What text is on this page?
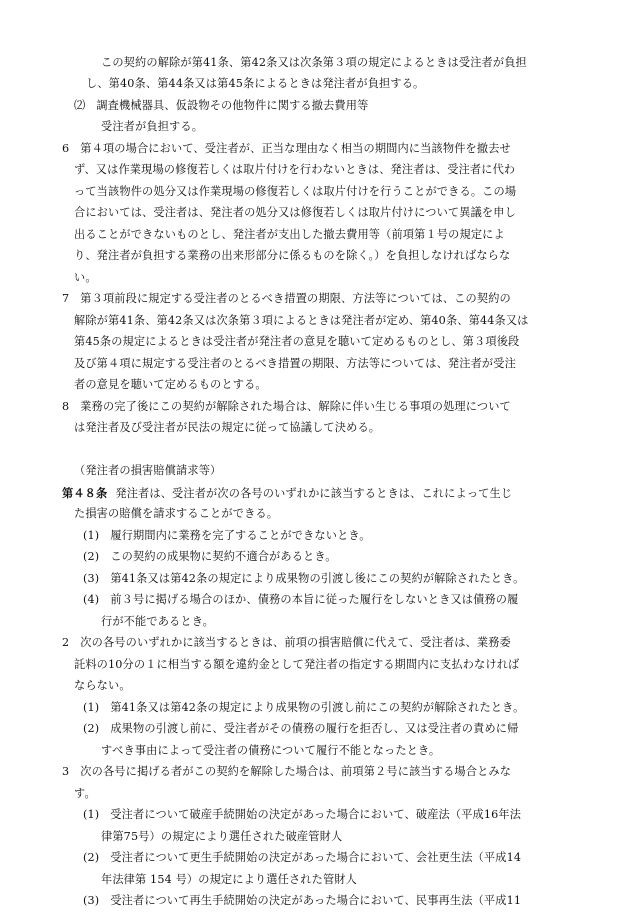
この契約の解除が第41条、第42条又は次条第３項の規定によるときは受注者が負担
し、第40条、第44条又は第45条によるときは発注者が負担する。
⑵ 調査機械器具、仮設物その他物件に関する撤去費用等
受注者が負担する。
6 第４項の場合において、受注者が、正当な理由なく相当の期間内に当該物件を撤去せ
ず、又は作業現場の修復若しくは取片付けを行わないときは、発注者は、受注者に代わ
って当該物件の処分又は作業現場の修復若しくは取片付けを行うことができる。この場
合においては、受注者は、発注者の処分又は修復若しくは取片付けについて異議を申し
出ることができないものとし、発注者が支出した撤去費用等（前項第１号の規定によ
り、発注者が負担する業務の出来形部分に係るものを除く。）を負担しなければならな
い。
7 第３項前段に規定する受注者のとるべき措置の期限、方法等については、この契約の
解除が第41条、第42条又は次条第３項によるときは発注者が定め、第40条、第44条又は
第45条の規定によるときは受注者が発注者の意見を聴いて定めるものとし、第３項後段
及び第４項に規定する受注者のとるべき措置の期限、方法等については、発注者が受注
者の意見を聴いて定めるものとする。
8 業務の完了後にこの契約が解除された場合は、解除に伴い生じる事項の処理について
は発注者及び受注者が民法の規定に従って協議して決める。
（発注者の損害賠償請求等）
第４８条 発注者は、受注者が次の各号のいずれかに該当するときは、これによって生じ
た損害の賠償を請求することができる。
(1) 履行期間内に業務を完了することができないとき。
(2) この契約の成果物に契約不適合があるとき。
(3) 第41条又は第42条の規定により成果物の引渡し後にこの契約が解除されたとき。
(4) 前３号に掲げる場合のほか、債務の本旨に従った履行をしないとき又は債務の履
行が不能であるとき。
2 次の各号のいずれかに該当するときは、前項の損害賠償に代えて、受注者は、業務委
託料の10分の１に相当する額を違約金として発注者の指定する期間内に支払わなければ
ならない。
(1) 第41条又は第42条の規定により成果物の引渡し前にこの契約が解除されたとき。
(2) 成果物の引渡し前に、受注者がその債務の履行を拒否し、又は受注者の責めに帰
すべき事由によって受注者の債務について履行不能となったとき。
3 次の各号に掲げる者がこの契約を解除した場合は、前項第２号に該当する場合とみな
す。
(1) 受注者について破産手続開始の決定があった場合において、破産法（平成16年法
律第75号）の規定により選任された破産管財人
(2) 受注者について更生手続開始の決定があった場合において、会社更生法（平成14
年法律第 154 号）の規定により選任された管財人
(3) 受注者について再生手続開始の決定があった場合において、民事再生法（平成11
